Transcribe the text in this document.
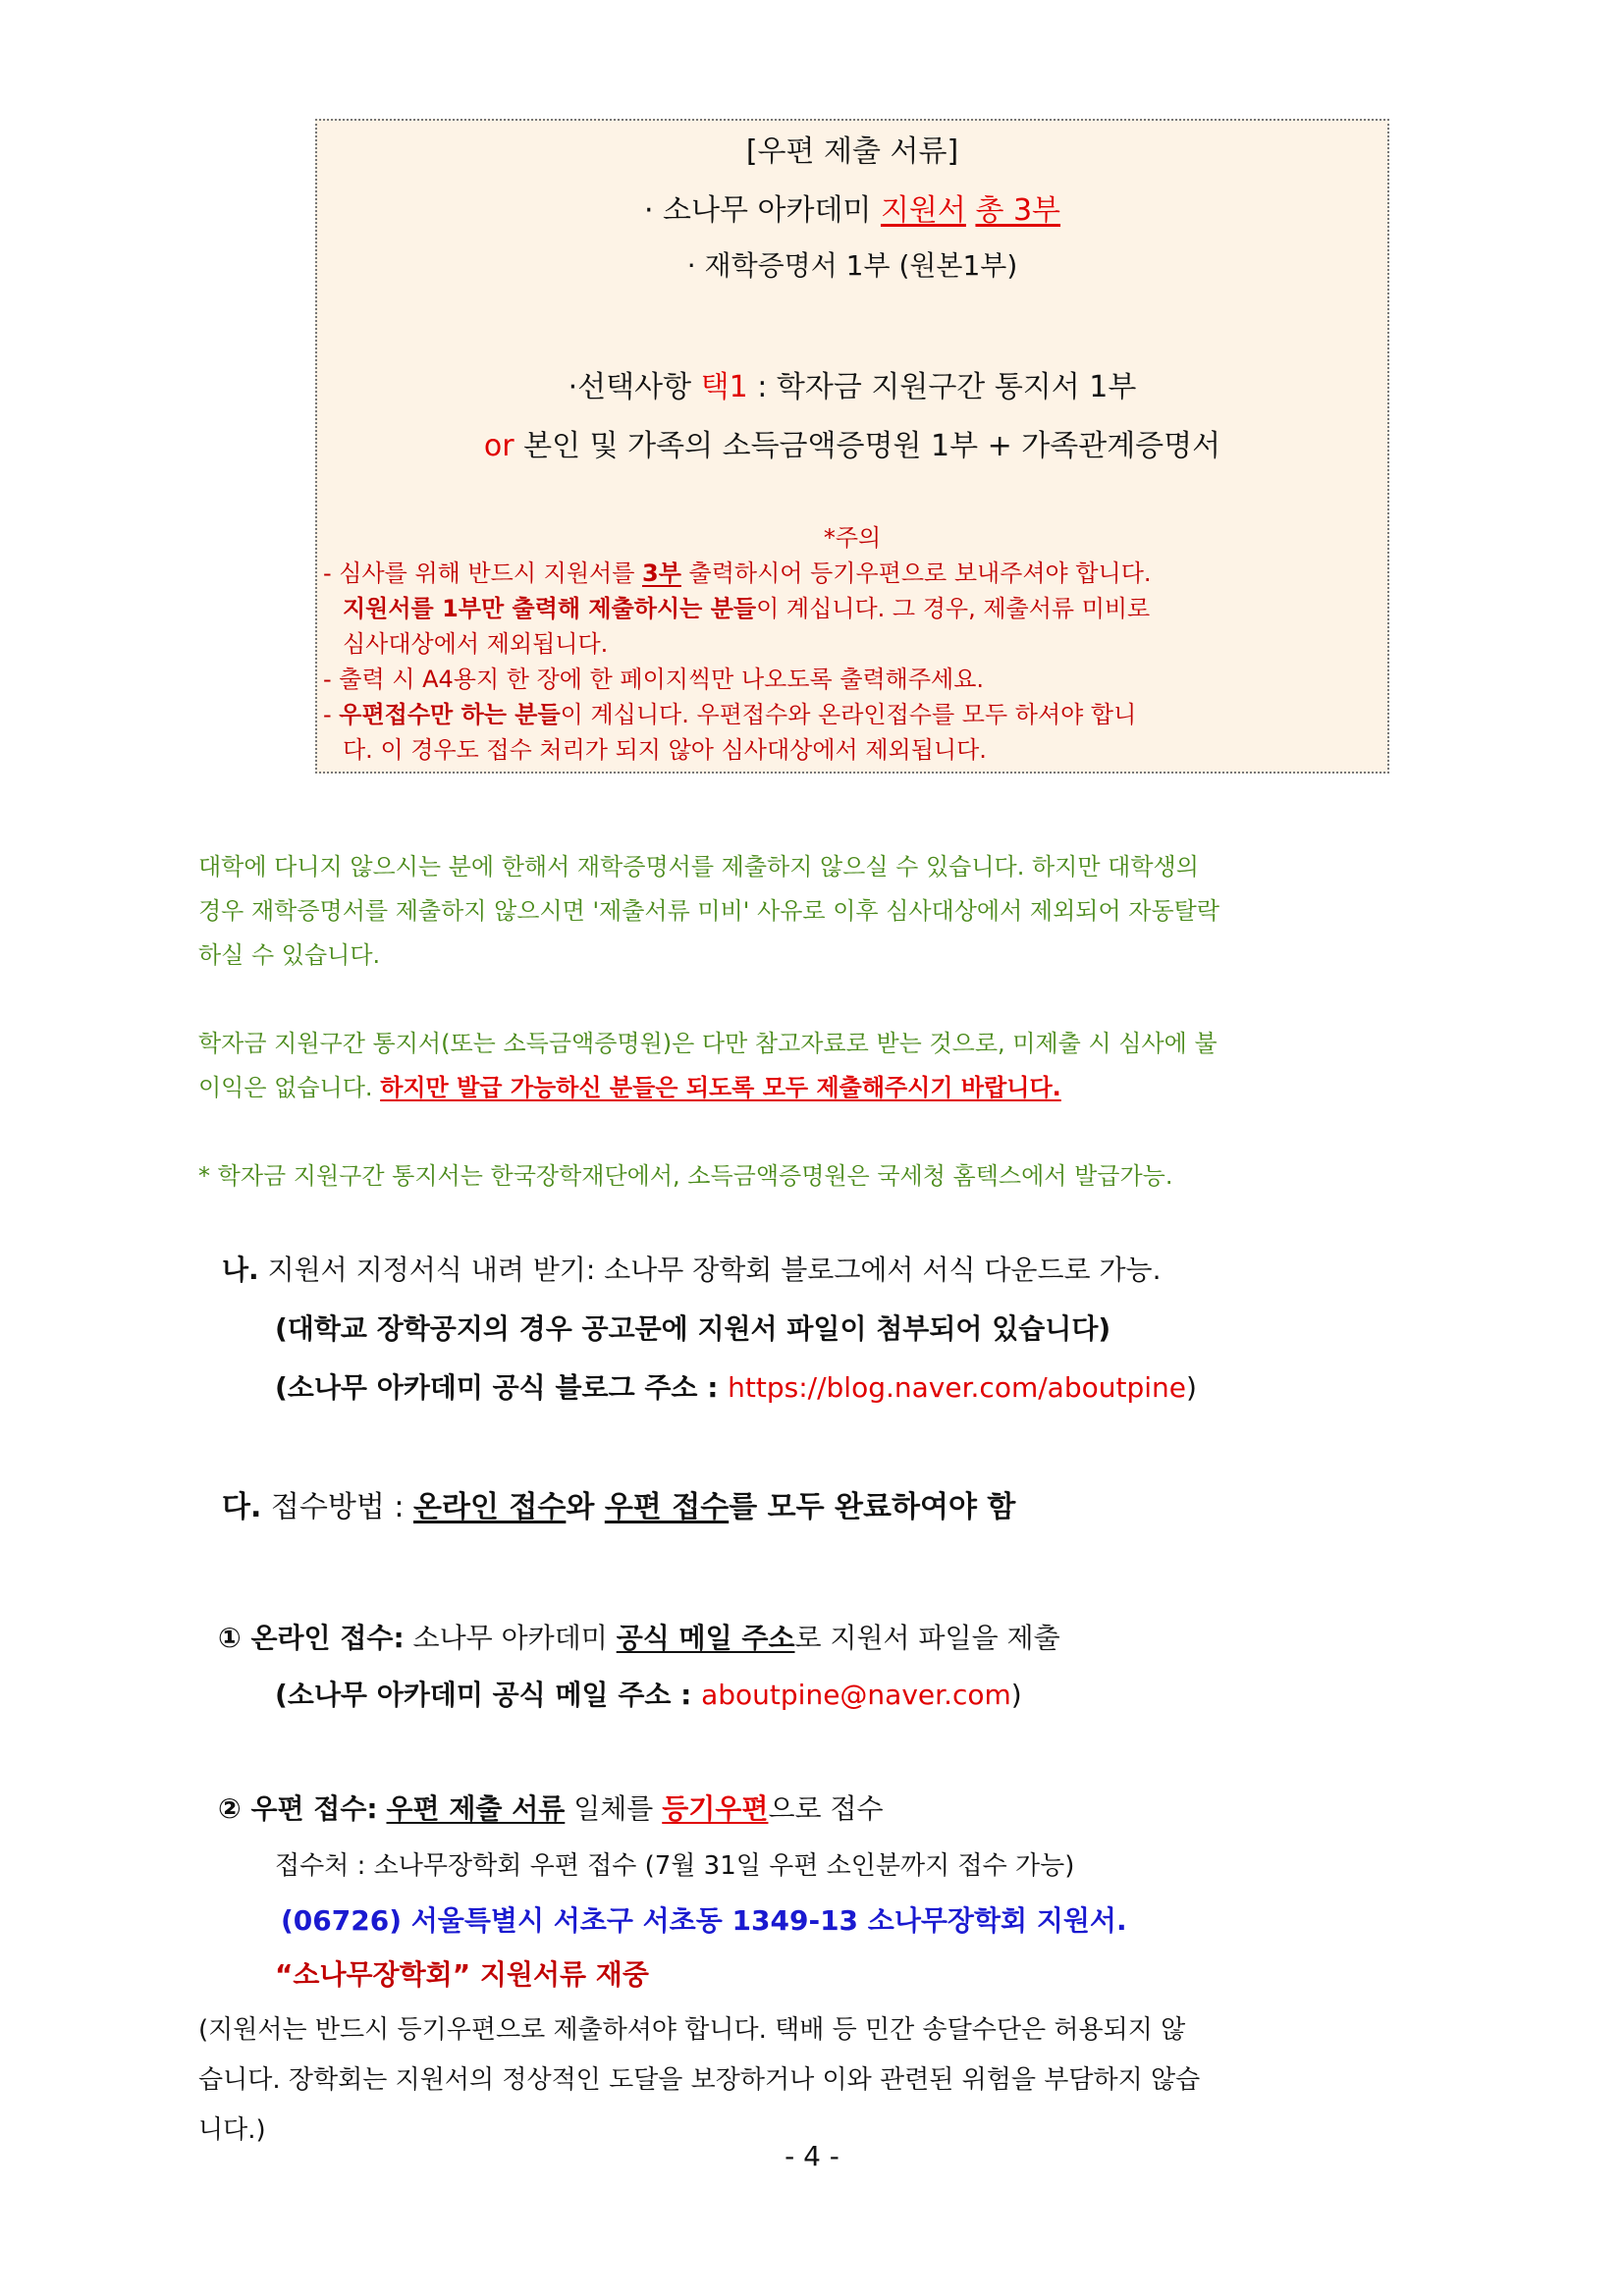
[우편 제출 서류]
· 소나무 아카데미 지원서 총 3부
· 재학증명서 1부 (원본1부)
·선택사항 택1 : 학자금 지원구간 통지서 1부
or 본인 및 가족의 소득금액증명원 1부 + 가족관계증명서
*주의
- 심사를 위해 반드시 지원서를 3부 출력하시어 등기우편으로 보내주셔야 합니다.
지원서를 1부만 출력해 제출하시는 분들이 계십니다. 그 경우, 제출서류 미비로
심사대상에서 제외됩니다.
- 출력 시 A4용지 한 장에 한 페이지씩만 나오도록 출력해주세요.
- 우편접수만 하는 분들이 계십니다. 우편접수와 온라인접수를 모두 하셔야 합니
다. 이 경우도 접수 처리가 되지 않아 심사대상에서 제외됩니다.
대학에 다니지 않으시는 분에 한해서 재학증명서를 제출하지 않으실 수 있습니다. 하지만 대학생의
경우 재학증명서를 제출하지 않으시면 '제출서류 미비' 사유로 이후 심사대상에서 제외되어 자동탈락
하실 수 있습니다.
학자금 지원구간 통지서(또는 소득금액증명원)은 다만 참고자료로 받는 것으로, 미제출 시 심사에 불
이익은 없습니다. 하지만 발급 가능하신 분들은 되도록 모두 제출해주시기 바랍니다.
* 학자금 지원구간 통지서는 한국장학재단에서, 소득금액증명원은 국세청 홈텍스에서 발급가능.
나. 지원서 지정서식 내려 받기: 소나무 장학회 블로그에서 서식 다운드로 가능.
(대학교 장학공지의 경우 공고문에 지원서 파일이 첨부되어 있습니다)
(소나무 아카데미 공식 블로그 주소 : https://blog.naver.com/aboutpine)
다. 접수방법 : 온라인 접수와 우편 접수를 모두 완료하여야 함
① 온라인 접수: 소나무 아카데미 공식 메일 주소로 지원서 파일을 제출
(소나무 아카데미 공식 메일 주소 : aboutpine@naver.com)
② 우편 접수: 우편 제출 서류 일체를 등기우편으로 접수
접수처 : 소나무장학회 우편 접수 (7월 31일 우편 소인분까지 접수 가능)
(06726) 서울특별시 서초구 서초동 1349-13 소나무장학회 지원서.
“소나무장학회” 지원서류 재중
(지원서는 반드시 등기우편으로 제출하셔야 합니다. 택배 등 민간 송달수단은 허용되지 않
습니다. 장학회는 지원서의 정상적인 도달을 보장하거나 이와 관련된 위험을 부담하지 않습
니다.)
- 4 -
